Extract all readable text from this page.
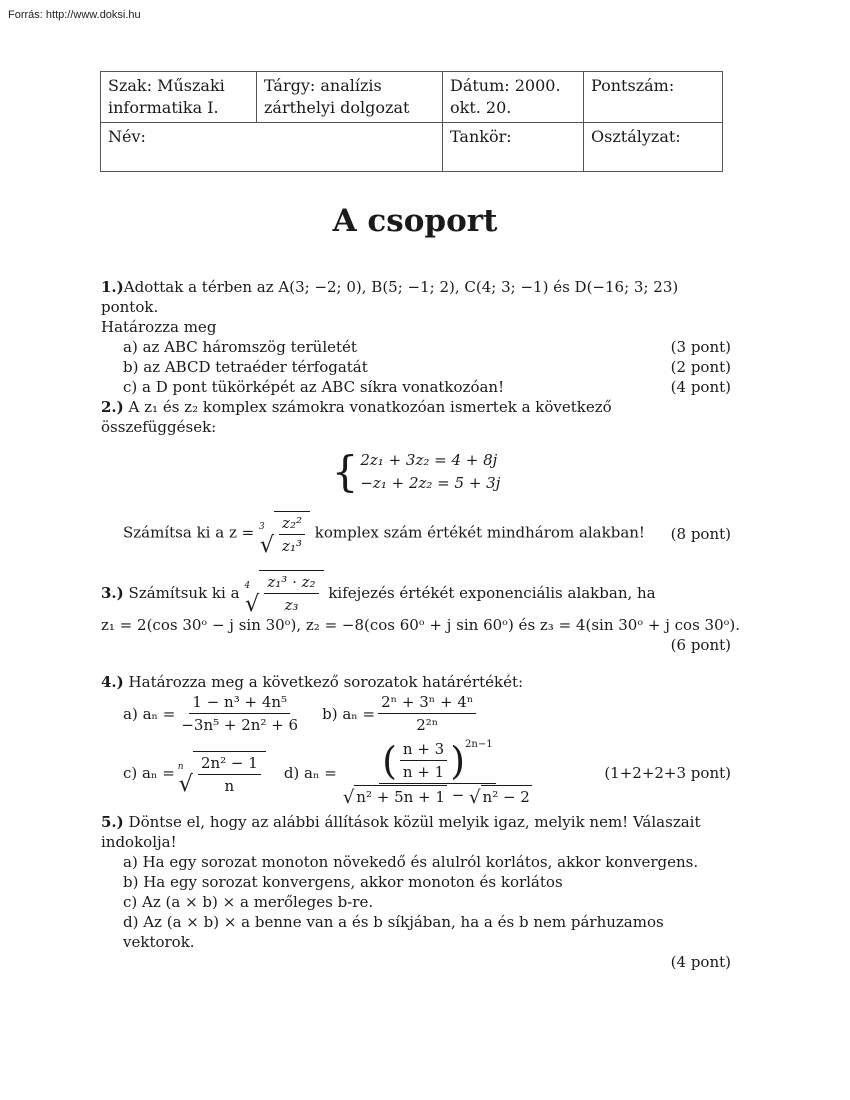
Forrás: http://www.doksi.hu
Szak: Műszaki informatika I.	Tárgy: analízis zárthelyi dolgozat	Dátum: 2000. okt. 20.	Pontszám:
Név:		Tankör:	Osztályzat:
A csoport
1.)Adottak a térben az A(3; −2; 0), B(5; −1; 2), C(4; 3; −1) és D(−16; 3; 23) pontok.
Határozza meg
a) az ABC háromszög területét	(3 pont)
b) az ABCD tetraéder térfogatát	(2 pont)
c) a D pont tükörképét az ABC síkra vonatkozóan!	(4 pont)
2.) A z₁ és z₂ komplex számokra vonatkozóan ismertek a következő összefüggések:
{ 2z₁ + 3z₂ = 4 + 8j
−z₁ + 2z₂ = 5 + 3j
Számítsa ki a z = 3
√ $\frac{\text{z₂²}}{\text{z₁³}}$ komplex szám értékét mindhárom alakban! (8 pont)
3.)
Számítsuk ki a
4
√ $\frac{\text{z₁³ · z₂}}{\text{z₃}}$
kifejezés értékét exponenciális alakban, ha
z₁ = 2(cos 30ᵒ − j sin 30ᵒ), z₂ = −8(cos 60ᵒ + j sin 60ᵒ) és z₃ = 4(sin 30ᵒ + j cos 30ᵒ).
(6 pont)
4.) Határozza meg a következő sorozatok határértékét:
a) $a_n = \frac{\text{1 − n³ + 4n⁵}}{\text{−3n⁵ + 2n² + 6}} b$) $a_n = \frac{\text{2ⁿ + 3ⁿ + 4ⁿ}}{\text{2²ⁿ}}$
c) aₙ = n
√ $\frac{\text{2n² − 1}}{n} d$) $a_n = \frac{( \frac{n + 3}{n + 1} ) 2n-1}{\text{√ n² + 5n + 1 − √ n² − 2}}$	(1+2+2+3 pont)
5.) Döntse el, hogy az alábbi állítások közül melyik igaz, melyik nem! Válaszait indokolja!
a) Ha egy sorozat monoton növekedő és alulról korlátos, akkor konvergens.
b) Ha egy sorozat konvergens, akkor monoton és korlátos
c) Az (a × b) × a merőleges b-re.
d) Az (a × b) × a benne van a és b síkjában, ha a és b nem párhuzamos vektorok.
(4 pont)
